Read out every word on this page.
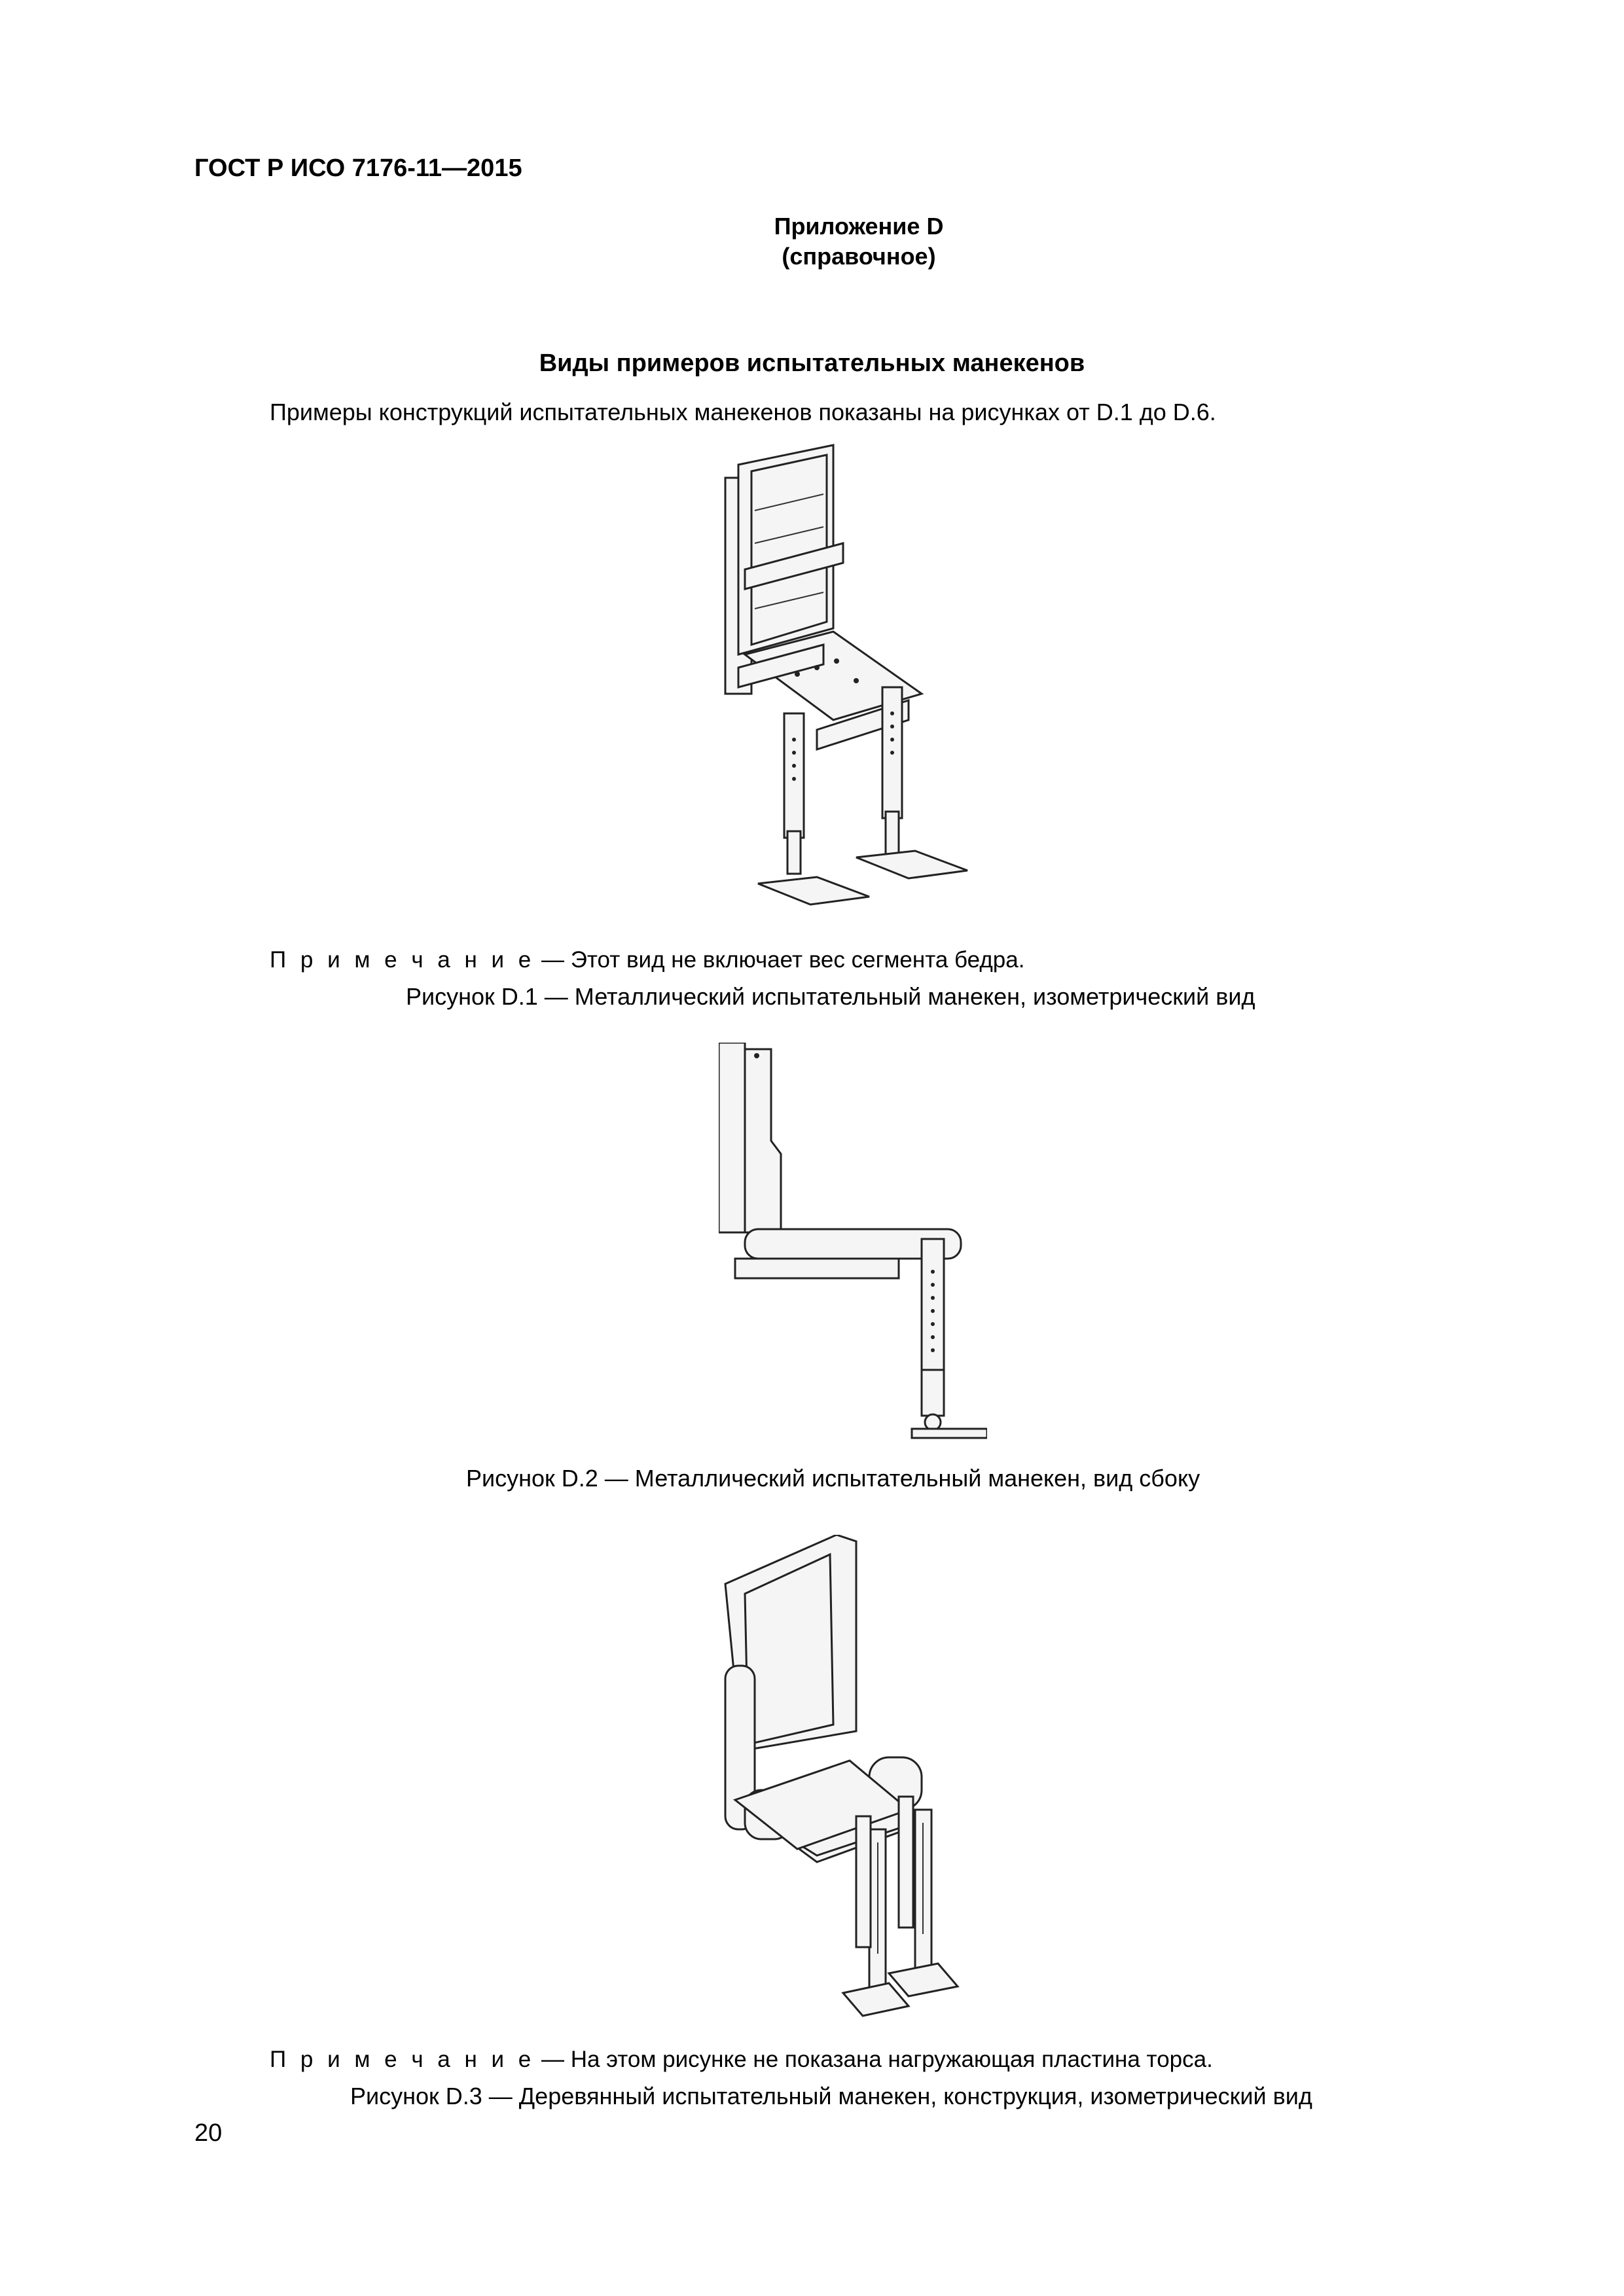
ГОСТ Р ИСО 7176-11—2015
Приложение D
(справочное)
Виды примеров испытательных манекенов
Примеры конструкций испытательных манекенов показаны на рисунках от D.1 до D.6.
П р и м е ч а н и е — Этот вид не включает вес сегмента бедра.
Рисунок D.1 — Металлический испытательный манекен, изометрический вид
Рисунок D.2 — Металлический испытательный манекен, вид сбоку
П р и м е ч а н и е — На этом рисунке не показана нагружающая пластина торса.
Рисунок D.3 — Деревянный испытательный манекен, конструкция, изометрический вид
20
